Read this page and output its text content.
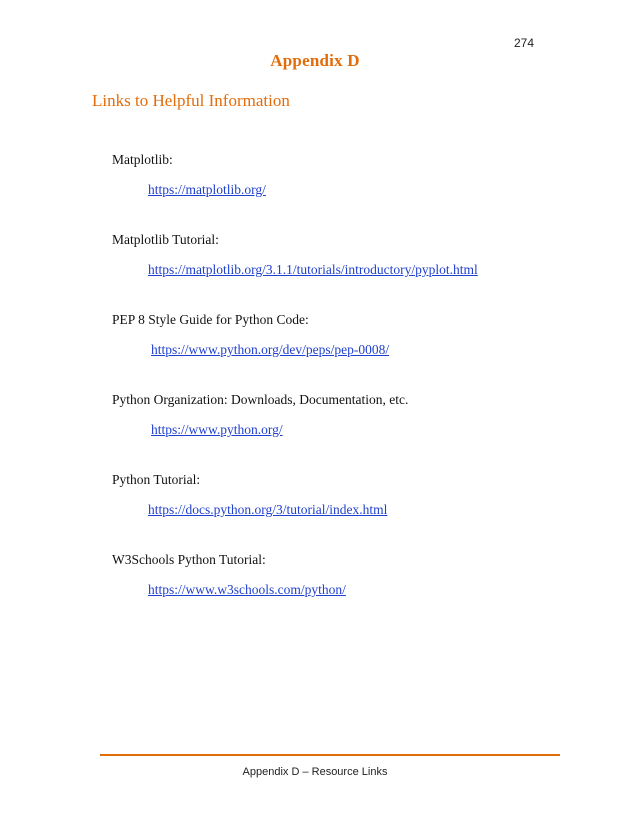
274
Appendix D
Links to Helpful Information
Matplotlib:
https://matplotlib.org/
Matplotlib Tutorial:
https://matplotlib.org/3.1.1/tutorials/introductory/pyplot.html
PEP 8 Style Guide for Python Code:
https://www.python.org/dev/peps/pep-0008/
Python Organization: Downloads, Documentation, etc.
https://www.python.org/
Python Tutorial:
https://docs.python.org/3/tutorial/index.html
W3Schools Python Tutorial:
https://www.w3schools.com/python/
Appendix D – Resource Links
